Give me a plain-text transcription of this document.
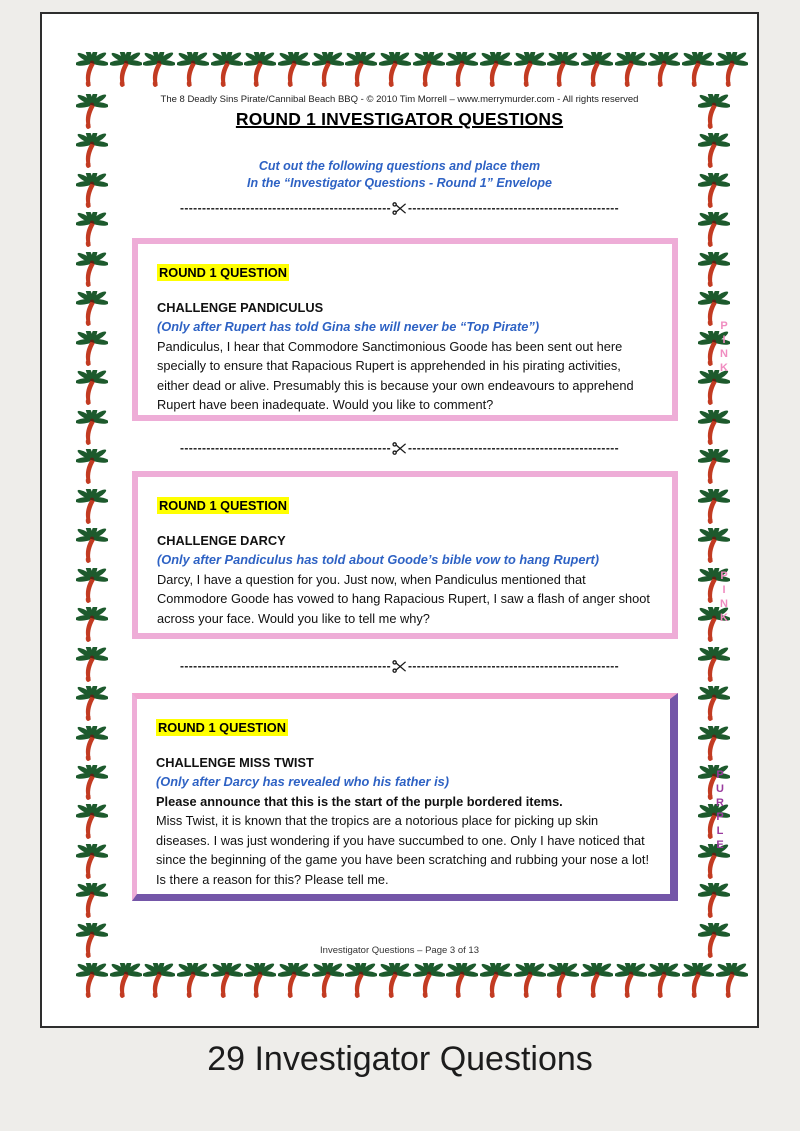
The 8 Deadly Sins Pirate/Cannibal Beach BBQ - © 2010 Tim Morrell – www.merrymurder.com - All rights reserved
ROUND 1 INVESTIGATOR QUESTIONS
Cut out the following questions and place them
In the “Investigator Questions - Round 1” Envelope
------------------------------------------------ ------------------------------------------------
ROUND 1 QUESTION
CHALLENGE PANDICULUS
(Only after Rupert has told Gina she will never be “Top Pirate”)
Pandiculus, I hear that Commodore Sanctimonious Goode has been sent out here specially to ensure that Rapacious Rupert is apprehended in his pirating activities, either dead or alive. Presumably this is because your own endeavours to apprehend Rupert have been inadequate. Would you like to comment?
PINK
------------------------------------------------ ------------------------------------------------
ROUND 1 QUESTION
CHALLENGE DARCY
(Only after Pandiculus has told about Goode’s bible vow to hang Rupert)
Darcy, I have a question for you. Just now, when Pandiculus mentioned that Commodore Goode has vowed to hang Rapacious Rupert, I saw a flash of anger shoot across your face. Would you like to tell me why?	PINK
------------------------------------------------ ------------------------------------------------
ROUND 1 QUESTION
CHALLENGE MISS TWIST
(Only after Darcy has revealed who his father is)
Please announce that this is the start of the purple bordered items.
Miss Twist, it is known that the tropics are a notorious place for picking up skin diseases. I was just wondering if you have succumbed to one. Only I have noticed that since the beginning of the game you have been scratching and rubbing your nose a lot! Is there a reason for this? Please tell me.
PURPLE
Investigator Questions – Page 3 of 13
29 Investigator Questions
